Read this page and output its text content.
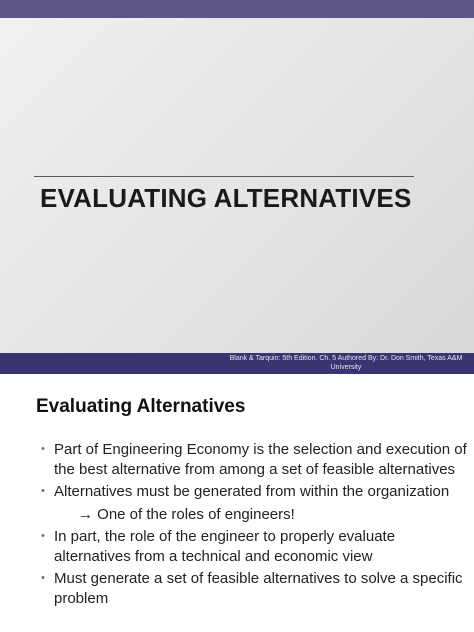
EVALUATING ALTERNATIVES
Blank & Tarquin: 5th Edition. Ch. 5 Authored By: Dr. Don Smith, Texas A&M University
Evaluating Alternatives
• Part of Engineering Economy is the selection and execution of the best alternative from among a set of feasible alternatives
• Alternatives must be generated from within the organization
→ One of the roles of engineers!
• In part, the role of the engineer to properly evaluate alternatives from a technical and economic view
• Must generate a set of feasible alternatives to solve a specific problem
